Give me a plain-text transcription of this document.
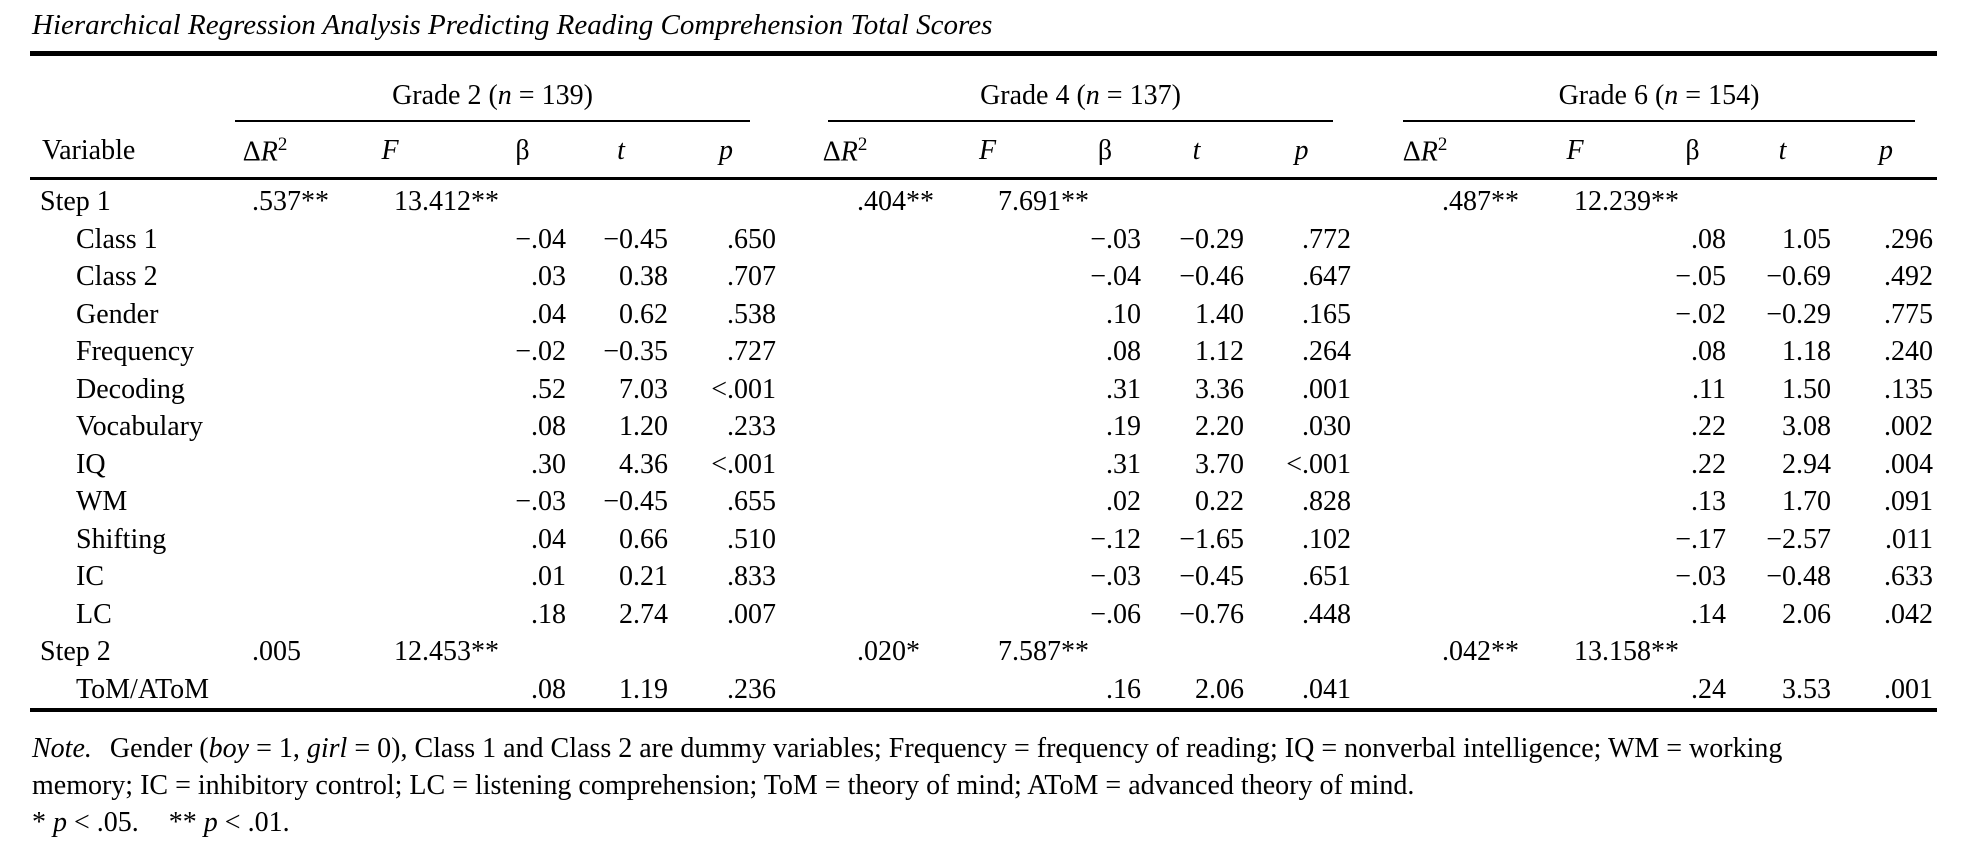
Hierarchical Regression Analysis Predicting Reading Comprehension Total Scores

	Grade 2 (n = 139)					Grade 4 (n = 137)					Grade 6 (n = 154)				

Variable	$\Delta R^2$	F	β	t	p	$\Delta R^2$	F	β	t	p	$\Delta R^2$	F	β	t	p
Step 1	.537**	13.412**				.404**	7.691**				.487**	12.239**			
Class 1			−.04	−0.45	.650			−.03	−0.29	.772			.08	1.05	.296
Class 2			.03	0.38	.707			−.04	−0.46	.647			−.05	−0.69	.492
Gender			.04	0.62	.538			.10	1.40	.165			−.02	−0.29	.775
Frequency			−.02	−0.35	.727			.08	1.12	.264			.08	1.18	.240
Decoding			.52	7.03	<.001			.31	3.36	.001			.11	1.50	.135
Vocabulary			.08	1.20	.233			.19	2.20	.030			.22	3.08	.002
IQ			.30	4.36	<.001			.31	3.70	<.001			.22	2.94	.004
WM			−.03	−0.45	.655			.02	0.22	.828			.13	1.70	.091
Shifting			.04	0.66	.510			−.12	−1.65	.102			−.17	−2.57	.011
IC			.01	0.21	.833			−.03	−0.45	.651			−.03	−0.48	.633
LC			.18	2.74	.007			−.06	−0.76	.448			.14	2.06	.042
Step 2	.005	12.453**				.020*	7.587**				.042**	13.158**			
ToM/AToM			.08	1.19	.236			.16	2.06	.041			.24	3.53	.001
Note. Gender (boy = 1, girl = 0), Class 1 and Class 2 are dummy variables; Frequency = frequency of reading; IQ = nonverbal intelligence; WM = working
memory; IC = inhibitory control; LC = listening comprehension; ToM = theory of mind; AToM = advanced theory of mind.
* p < .05. ** p < .01.
